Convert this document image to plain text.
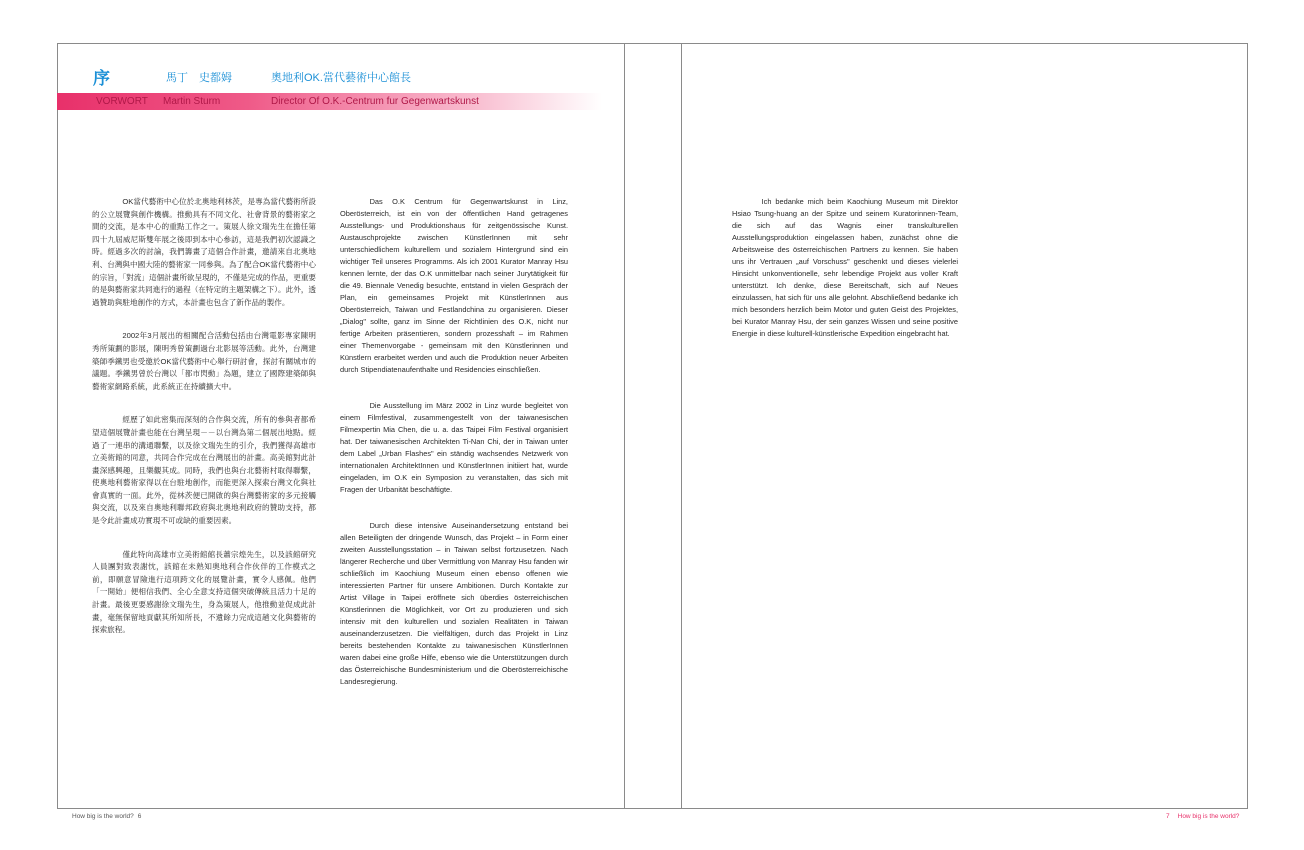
序	馬丁　史都姆	奧地利OK.當代藝術中心館長
VORWORT Martin Sturm	Director Of O.K.-Centrum fur Gegenwartskunst

OK當代藝術中心位於北奧地利林茨，是專為當代藝術所設的公立展覽與創作機構。推動具有不同文化、社會背景的藝術家之間的交流，是本中心的重點工作之一。策展人徐文瑞先生在擔任第四十九屆威尼斯雙年展之後即到本中心參訪，這是我們初次認識之時。經過多次的討論，我們籌畫了這個合作計畫，邀請來自北奧地利、台灣與中國大陸的藝術家一同參與。為了配合OK當代藝術中心的宗旨，「對流」這個計畫所欲呈現的，不僅是完成的作品，更重要的是與藝術家共同進行的過程（在特定的主題架構之下）。此外，透過贊助與駐地創作的方式，本計畫也包含了新作品的製作。

2002年3月展出的相關配合活動包括由台灣電影專家陳明秀所策劃的影展，陳明秀曾策劃過台北影展等活動。此外，台灣建築師季鐵男也受邀於OK當代藝術中心舉行研討會，探討有關城市的議題。季鐵男曾於台灣以「都市閃動」為題，建立了國際建築師與藝術家網路系統，此系統正在持續擴大中。

經歷了如此密集而深刻的合作與交流，所有的參與者都希望這個展覽計畫也能在台灣呈現－－以台灣為第二個展出地點。經過了一連串的溝通聯繫，以及徐文瑞先生的引介，我們獲得高雄市立美術館的同意，共同合作完成在台灣展出的計畫。高美館對此計畫深感興趣，且樂觀其成。同時，我們也與台北藝術村取得聯繫，使奧地利藝術家得以在台駐地創作，而能更深入探索台灣文化與社會真實的一面。此外，從林茨便已開啟的與台灣藝術家的多元接觸與交流，以及來自奧地利聯邦政府與北奧地利政府的贊助支持，都是令此計畫成功實現不可或缺的重要因素。

僅此特向高雄市立美術館館長蕭宗煌先生，以及該館研究人員團對致表謝忱，該館在未熟知奧地利合作伙伴的工作模式之前，即願意冒險進行這項跨文化的展覽計畫，實令人感佩。他們「一開始」便相信我們、全心全意支持這個突破傳統且活力十足的計畫。最後更要感謝徐文瑞先生，身為策展人，他推動並促成此計畫，毫無保留地貢獻其所知所長，不遺餘力完成這趟文化與藝術的探索旅程。

Das O.K Centrum für Gegenwartskunst in Linz, Oberösterreich, ist ein von der öffentlichen Hand getragenes Ausstellungs- und Produktionshaus für zeitgenössische Kunst. Austauschprojekte zwischen KünstlerInnen mit sehr unterschiedlichem kulturellem und sozialem Hintergrund sind ein wichtiger Teil unseres Programms. Als ich 2001 Kurator Manray Hsu kennen lernte, der das O.K unmittelbar nach seiner Jurytätigkeit für die 49. Biennale Venedig besuchte, entstand in vielen Gespräch der Plan, ein gemeinsames Projekt mit KünstlerInnen aus Oberösterreich, Taiwan und Festlandchina zu organisieren. Dieser „Dialog" sollte, ganz im Sinne der Richtlinien des O.K, nicht nur fertige Arbeiten präsentieren, sondern prozesshaft – im Rahmen einer Themenvorgabe - gemeinsam mit den Künstlerinnen und Künstlern erarbeitet werden und auch die Produktion neuer Arbeiten durch Stipendiatenaufenthalte und Residencies einschließen.

Die Ausstellung im März 2002 in Linz wurde begleitet von einem Filmfestival, zusammengestellt von der taiwanesischen Filmexpertin Mia Chen, die u. a. das Taipei Film Festival organisiert hat. Der taiwanesischen Architekten Ti-Nan Chi, der in Taiwan unter dem Label „Urban Flashes" ein ständig wachsendes Netzwerk von internationalen ArchitektInnen und KünstlerInnen initiiert hat, wurde eingeladen, im O.K ein Symposion zu veranstalten, das sich mit Fragen der Urbanität beschäftigte.

Durch diese intensive Auseinandersetzung entstand bei allen Beteiligten der dringende Wunsch, das Projekt – in Form einer zweiten Ausstellungsstation – in Taiwan selbst fortzusetzen. Nach längerer Recherche und über Vermittlung von Manray Hsu fanden wir schließlich im Kaochiung Museum einen ebenso offenen wie interessierten Partner für unsere Ambitionen. Durch Kontakte zur Artist Village in Taipei eröffnete sich überdies österreichischen Künstlerinnen die Möglichkeit, vor Ort zu produzieren und sich intensiv mit den kulturellen und sozialen Realitäten in Taiwan auseinanderzusetzen. Die vielfältigen, durch das Projekt in Linz bereits bestehenden Kontakte zu taiwanesischen KünstlerInnen waren dabei eine große Hilfe, ebenso wie die Unterstützungen durch das Österreichische Bundesministerium und die Oberösterreichische Landesregierung.

Ich bedanke mich beim Kaochiung Museum mit Direktor Hsiao Tsung-huang an der Spitze und seinem Kuratorinnen-Team, die sich auf das Wagnis einer transkulturellen Ausstellungsproduktion eingelassen haben, zunächst ohne die Arbeitsweise des österreichischen Partners zu kennen. Sie haben uns ihr Vertrauen „auf Vorschuss" geschenkt und dieses vielerlei Hinsicht unkonventionelle, sehr lebendige Projekt aus voller Kraft unterstützt. Ich denke, diese Bereitschaft, sich auf Neues einzulassen, hat sich für uns alle gelohnt. Abschließend bedanke ich mich besonders herzlich beim Motor und guten Geist des Projektes, bei Kurator Manray Hsu, der sein ganzes Wissen und seine positive Energie in diese kulturell-künstlerische Expedition eingebracht hat.

How big is the world? 6	7 How big is the world?
